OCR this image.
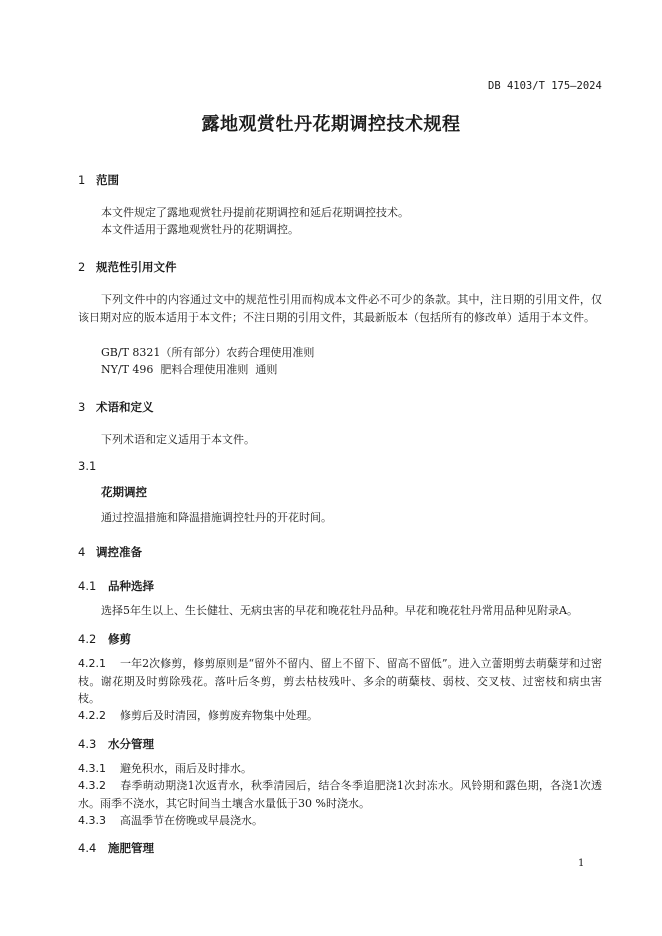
DB 4103/T 175—2024
露地观赏牡丹花期调控技术规程
1 范围
本文件规定了露地观赏牡丹提前花期调控和延后花期调控技术。
本文件适用于露地观赏牡丹的花期调控。
2 规范性引用文件
下列文件中的内容通过文中的规范性引用而构成本文件必不可少的条款。其中，注日期的引用文件，仅该日期对应的版本适用于本文件；不注日期的引用文件，其最新版本（包括所有的修改单）适用于本文件。
GB/T 8321（所有部分）农药合理使用准则
NY/T 496  肥料合理使用准则  通则
3 术语和定义
下列术语和定义适用于本文件。
3.1
花期调控
通过控温措施和降温措施调控牡丹的开花时间。
4 调控准备
4.1 品种选择
选择5年生以上、生长健壮、无病虫害的早花和晚花牡丹品种。早花和晚花牡丹常用品种见附录A。
4.2 修剪
4.2.1 一年2次修剪，修剪原则是“留外不留内、留上不留下、留高不留低”。进入立蕾期剪去萌蘖芽和过密枝。谢花期及时剪除残花。落叶后冬剪，剪去枯枝残叶、多余的萌蘖枝、弱枝、交叉枝、过密枝和病虫害枝。
4.2.2 修剪后及时清园，修剪废弃物集中处理。
4.3 水分管理
4.3.1 避免积水，雨后及时排水。
4.3.2 春季萌动期浇1次返青水，秋季清园后，结合冬季追肥浇1次封冻水。风铃期和露色期，各浇1次透水。雨季不浇水，其它时间当土壤含水量低于30 %时浇水。
4.3.3 高温季节在傍晚或早晨浇水。
4.4 施肥管理
1
